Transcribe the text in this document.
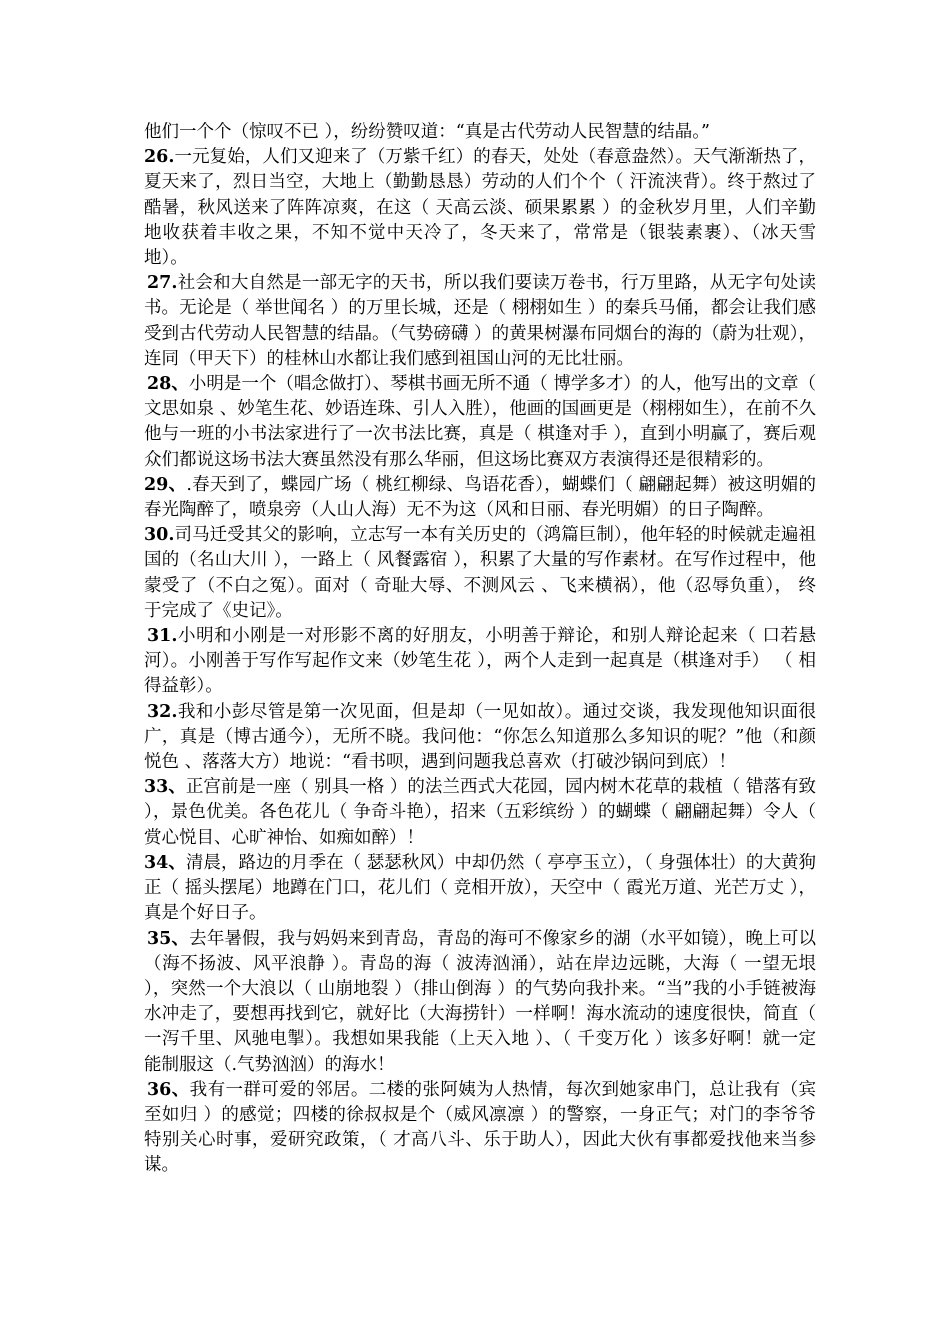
他们一个个（惊叹不已 ），纷纷赞叹道：“真是古代劳动人民智慧的结晶。”

26.一元复始，人们又迎来了（万紫千红）的春天，处处（春意盎然）。天气渐渐热了，夏天来了，烈日当空，大地上（勤勤恳恳）劳动的人们个个（ 汗流浃背）。终于熬过了酷暑，秋风送来了阵阵凉爽，在这（ 天高云淡、硕果累累 ）的金秋岁月里，人们辛勤地收获着丰收之果，不知不觉中天冷了，冬天来了，常常是（银装素裹）、（冰天雪地）。

27.社会和大自然是一部无字的天书，所以我们要读万卷书，行万里路，从无字句处读书。无论是（ 举世闻名 ）的万里长城，还是（ 栩栩如生 ）的秦兵马俑，都会让我们感受到古代劳动人民智慧的结晶。（气势磅礴 ）的黄果树瀑布同烟台的海的（蔚为壮观），连同（甲天下）的桂林山水都让我们感到祖国山河的无比壮丽。

28、小明是一个（唱念做打）、琴棋书画无所不通（ 博学多才）的人，他写出的文章（ 文思如泉 、妙笔生花、妙语连珠、引人入胜），他画的国画更是（栩栩如生），在前不久他与一班的小书法家进行了一次书法比赛，真是（ 棋逢对手 ），直到小明赢了，赛后观众们都说这场书法大赛虽然没有那么华丽，但这场比赛双方表演得还是很精彩的。

29、.春天到了，蝶园广场（ 桃红柳绿、鸟语花香），蝴蝶们（ 翩翩起舞）被这明媚的春光陶醉了，喷泉旁（人山人海）无不为这（风和日丽、春光明媚）的日子陶醉。

30.司马迁受其父的影响，立志写一本有关历史的（鸿篇巨制），他年轻的时候就走遍祖国的（名山大川 ），一路上（ 风餐露宿 ），积累了大量的写作素材。在写作过程中，他蒙受了（不白之冤）。面对（ 奇耻大辱、不测风云 、飞来横祸），他（忍辱负重）， 终于完成了《史记》。

31.小明和小刚是一对形影不离的好朋友，小明善于辩论，和别人辩论起来（ 口若悬河）。小刚善于写作写起作文来（妙笔生花 ），两个人走到一起真是（棋逢对手） （ 相得益彰）。

32.我和小彭尽管是第一次见面，但是却（一见如故）。通过交谈，我发现他知识面很广，真是（博古通今），无所不晓。我问他：“你怎么知道那么多知识的呢？”他（和颜悦色 、落落大方）地说：“看书呗，遇到问题我总喜欢（打破沙锅问到底）！

33、正宫前是一座（ 别具一格 ）的法兰西式大花园，园内树木花草的栽植（ 错落有致 ），景色优美。各色花儿（ 争奇斗艳），招来（五彩缤纷 ）的蝴蝶（ 翩翩起舞）令人（ 赏心悦目、心旷神怡、如痴如醉）！

34、清晨，路边的月季在（ 瑟瑟秋风）中却仍然（ 亭亭玉立），（ 身强体壮）的大黄狗正（ 摇头摆尾）地蹲在门口，花儿们（ 竞相开放），天空中（ 霞光万道、光芒万丈 ）， 真是个好日子。

35、去年暑假，我与妈妈来到青岛，青岛的海可不像家乡的湖（水平如镜），晚上可以（海不扬波、风平浪静 ）。青岛的海（ 波涛汹涌），站在岸边远眺，大海（ 一望无垠 ），突然一个大浪以（ 山崩地裂 ）（排山倒海 ）的气势向我扑来。“当”我的小手链被海水冲走了，要想再找到它，就好比（大海捞针）一样啊！海水流动的速度很快，简直（ 一泻千里、风驰电掣）。我想如果我能（上天入地 ）、（ 千变万化 ）该多好啊！就一定能制服这（.气势汹汹）的海水！

36、我有一群可爱的邻居。二楼的张阿姨为人热情，每次到她家串门，总让我有（宾至如归 ）的感觉；四楼的徐叔叔是个（威风凛凛 ）的警察，一身正气；对门的李爷爷特别关心时事，爱研究政策，（ 才高八斗、乐于助人），因此大伙有事都爱找他来当参谋。
